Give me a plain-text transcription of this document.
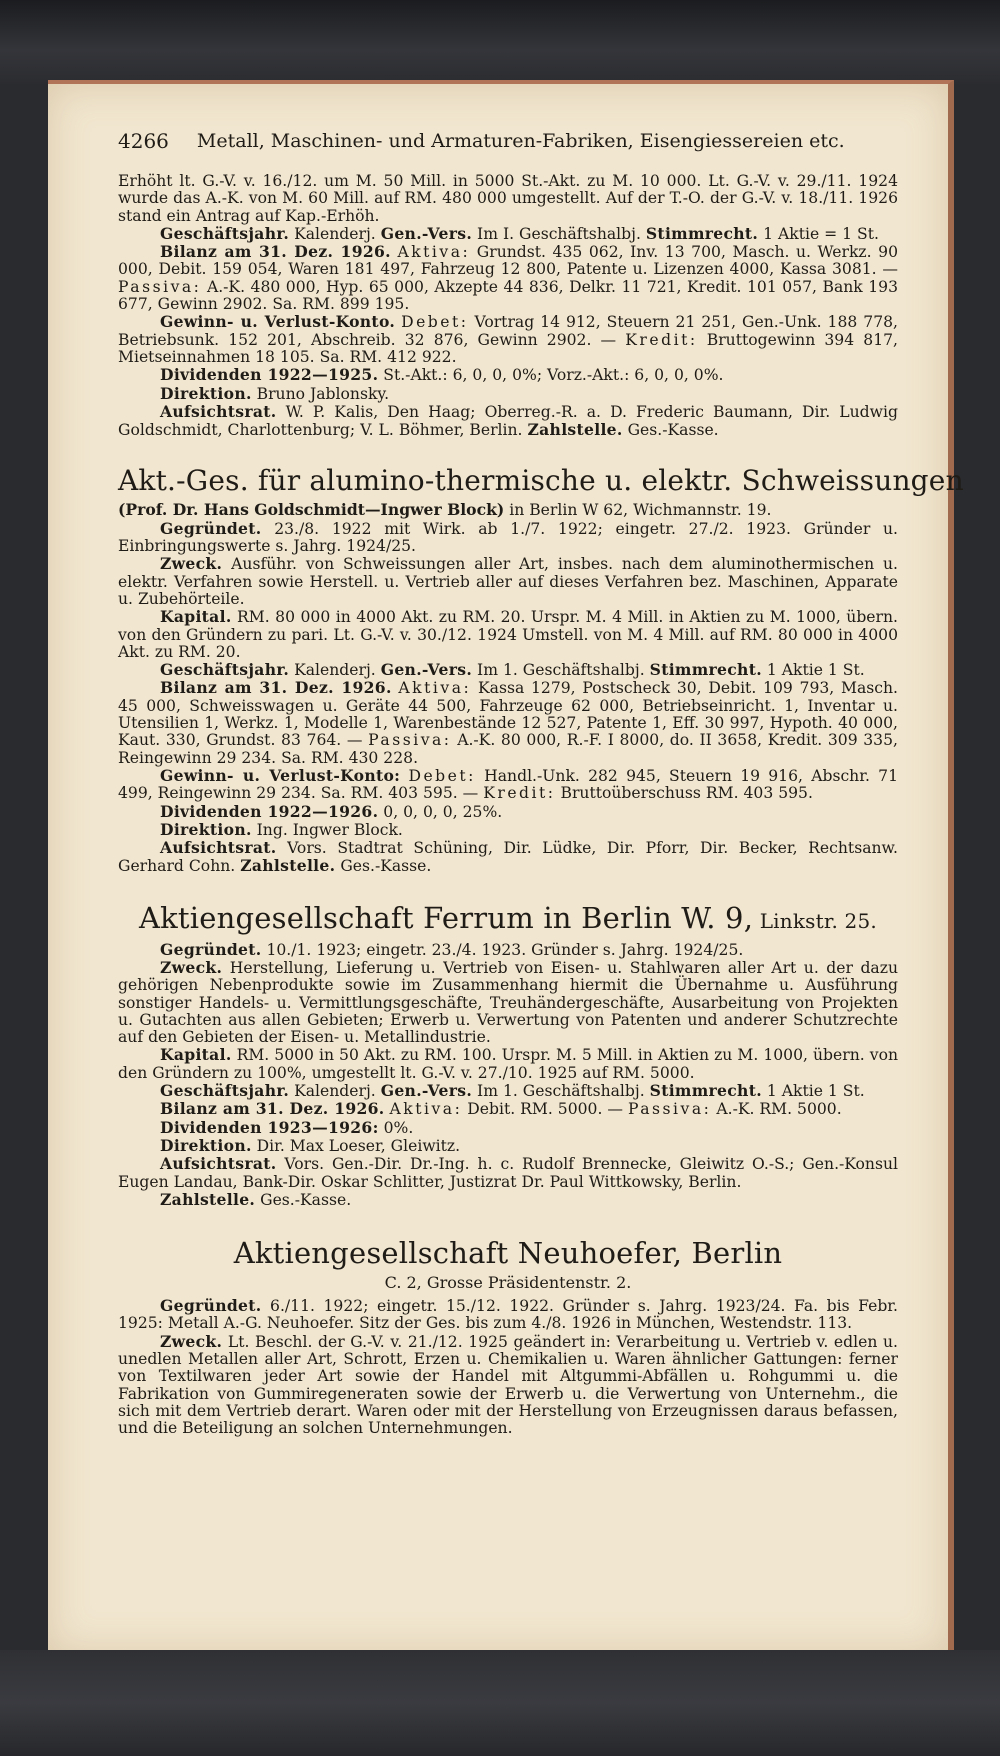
4266 Metall, Maschinen- und Armaturen-Fabriken, Eisengiessereien etc.

Erhöht lt. G.-V. v. 16./12. um M. 50 Mill. in 5000 St.-Akt. zu M. 10 000. Lt. G.-V. v. 29./11. 1924 wurde das A.-K. von M. 60 Mill. auf RM. 480 000 umgestellt. Auf der T.-O. der G.-V. v. 18./11. 1926 stand ein Antrag auf Kap.-Erhöh.

Geschäftsjahr. Kalenderj. Gen.-Vers. Im I. Geschäftshalbj. Stimmrecht. 1 Aktie = 1 St.

Bilanz am 31. Dez. 1926. Aktiva: Grundst. 435 062, Inv. 13 700, Masch. u. Werkz. 90 000, Debit. 159 054, Waren 181 497, Fahrzeug 12 800, Patente u. Lizenzen 4000, Kassa 3081. — Passiva: A.-K. 480 000, Hyp. 65 000, Akzepte 44 836, Delkr. 11 721, Kredit. 101 057, Bank 193 677, Gewinn 2902. Sa. RM. 899 195.

Gewinn- u. Verlust-Konto. Debet: Vortrag 14 912, Steuern 21 251, Gen.-Unk. 188 778, Betriebsunk. 152 201, Abschreib. 32 876, Gewinn 2902. — Kredit: Bruttogewinn 394 817, Mietseinnahmen 18 105. Sa. RM. 412 922.

Dividenden 1922—1925. St.-Akt.: 6, 0, 0, 0%; Vorz.-Akt.: 6, 0, 0, 0%.

Direktion. Bruno Jablonsky.

Aufsichtsrat. W. P. Kalis, Den Haag; Oberreg.-R. a. D. Frederic Baumann, Dir. Ludwig Goldschmidt, Charlottenburg; V. L. Böhmer, Berlin. Zahlstelle. Ges.-Kasse.

Akt.-Ges. für alumino-thermische u. elektr. Schweissungen

(Prof. Dr. Hans Goldschmidt—Ingwer Block) in Berlin W 62, Wichmannstr. 19.

Gegründet. 23./8. 1922 mit Wirk. ab 1./7. 1922; eingetr. 27./2. 1923. Gründer u. Einbringungswerte s. Jahrg. 1924/25.

Zweck. Ausführ. von Schweissungen aller Art, insbes. nach dem aluminothermischen u. elektr. Verfahren sowie Herstell. u. Vertrieb aller auf dieses Verfahren bez. Maschinen, Apparate u. Zubehörteile.

Kapital. RM. 80 000 in 4000 Akt. zu RM. 20. Urspr. M. 4 Mill. in Aktien zu M. 1000, übern. von den Gründern zu pari. Lt. G.-V. v. 30./12. 1924 Umstell. von M. 4 Mill. auf RM. 80 000 in 4000 Akt. zu RM. 20.

Geschäftsjahr. Kalenderj. Gen.-Vers. Im 1. Geschäftshalbj. Stimmrecht. 1 Aktie 1 St.

Bilanz am 31. Dez. 1926. Aktiva: Kassa 1279, Postscheck 30, Debit. 109 793, Masch. 45 000, Schweisswagen u. Geräte 44 500, Fahrzeuge 62 000, Betriebseinricht. 1, Inventar u. Utensilien 1, Werkz. 1, Modelle 1, Warenbestände 12 527, Patente 1, Eff. 30 997, Hypoth. 40 000, Kaut. 330, Grundst. 83 764. — Passiva: A.-K. 80 000, R.-F. I 8000, do. II 3658, Kredit. 309 335, Reingewinn 29 234. Sa. RM. 430 228.

Gewinn- u. Verlust-Konto: Debet: Handl.-Unk. 282 945, Steuern 19 916, Abschr. 71 499, Reingewinn 29 234. Sa. RM. 403 595. — Kredit: Bruttoüberschuss RM. 403 595.

Dividenden 1922—1926. 0, 0, 0, 0, 25%.

Direktion. Ing. Ingwer Block.

Aufsichtsrat. Vors. Stadtrat Schüning, Dir. Lüdke, Dir. Pforr, Dir. Becker, Rechtsanw. Gerhard Cohn. Zahlstelle. Ges.-Kasse.

Aktiengesellschaft Ferrum in Berlin W. 9, Linkstr. 25.

Gegründet. 10./1. 1923; eingetr. 23./4. 1923. Gründer s. Jahrg. 1924/25.

Zweck. Herstellung, Lieferung u. Vertrieb von Eisen- u. Stahlwaren aller Art u. der dazu gehörigen Nebenprodukte sowie im Zusammenhang hiermit die Übernahme u. Ausführung sonstiger Handels- u. Vermittlungsgeschäfte, Treuhändergeschäfte, Ausarbeitung von Projekten u. Gutachten aus allen Gebieten; Erwerb u. Verwertung von Patenten und anderer Schutzrechte auf den Gebieten der Eisen- u. Metallindustrie.

Kapital. RM. 5000 in 50 Akt. zu RM. 100. Urspr. M. 5 Mill. in Aktien zu M. 1000, übern. von den Gründern zu 100%, umgestellt lt. G.-V. v. 27./10. 1925 auf RM. 5000.

Geschäftsjahr. Kalenderj. Gen.-Vers. Im 1. Geschäftshalbj. Stimmrecht. 1 Aktie 1 St.

Bilanz am 31. Dez. 1926. Aktiva: Debit. RM. 5000. — Passiva: A.-K. RM. 5000.

Dividenden 1923—1926: 0%.

Direktion. Dir. Max Loeser, Gleiwitz.

Aufsichtsrat. Vors. Gen.-Dir. Dr.-Ing. h. c. Rudolf Brennecke, Gleiwitz O.-S.; Gen.-Konsul Eugen Landau, Bank-Dir. Oskar Schlitter, Justizrat Dr. Paul Wittkowsky, Berlin.

Zahlstelle. Ges.-Kasse.

Aktiengesellschaft Neuhoefer, Berlin

C. 2, Grosse Präsidentenstr. 2.

Gegründet. 6./11. 1922; eingetr. 15./12. 1922. Gründer s. Jahrg. 1923/24. Fa. bis Febr. 1925: Metall A.-G. Neuhoefer. Sitz der Ges. bis zum 4./8. 1926 in München, Westendstr. 113.

Zweck. Lt. Beschl. der G.-V. v. 21./12. 1925 geändert in: Verarbeitung u. Vertrieb v. edlen u. unedlen Metallen aller Art, Schrott, Erzen u. Chemikalien u. Waren ähnlicher Gattungen: ferner von Textilwaren jeder Art sowie der Handel mit Altgummi-Abfällen u. Rohgummi u. die Fabrikation von Gummiregeneraten sowie der Erwerb u. die Verwertung von Unternehm., die sich mit dem Vertrieb derart. Waren oder mit der Herstellung von Erzeugnissen daraus befassen, und die Beteiligung an solchen Unternehmungen.
